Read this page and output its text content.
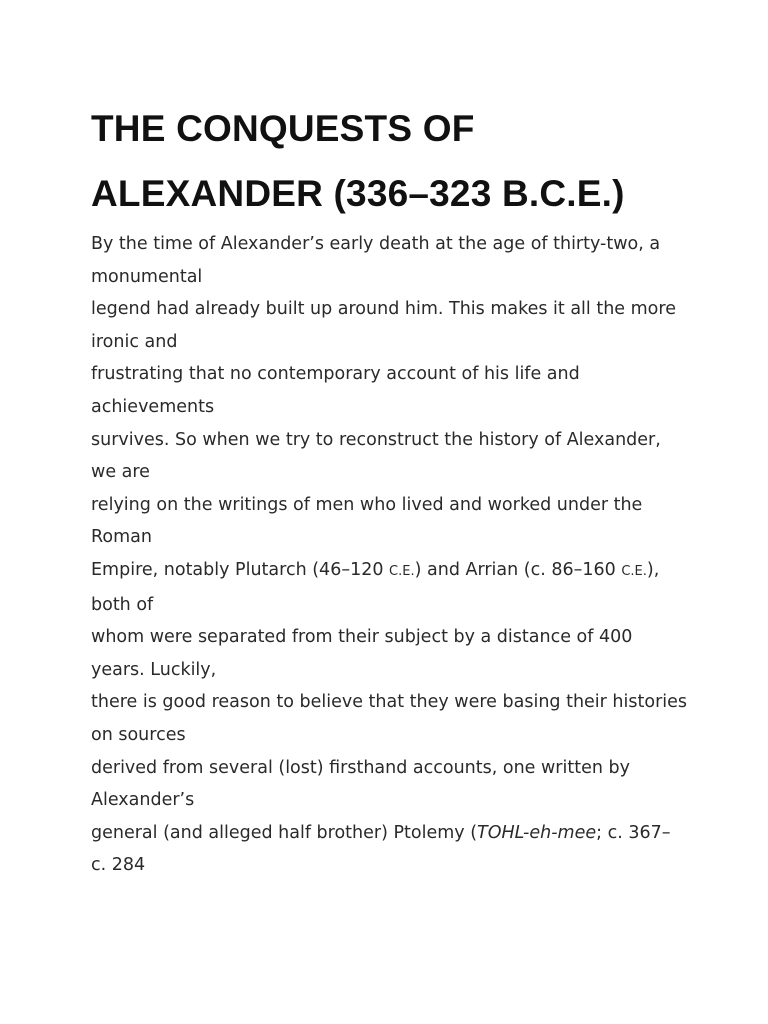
THE CONQUESTS OF
ALEXANDER (336–323 B.C.E.)
By the time of Alexander’s early death at the age of thirty-two, a
monumental
legend had already built up around him. This makes it all the more
ironic and
frustrating that no contemporary account of his life and
achievements
survives. So when we try to reconstruct the history of Alexander,
we are
relying on the writings of men who lived and worked under the
Roman
Empire, notably Plutarch (46–120 C.E.) and Arrian (c. 86–160 C.E.),
both of
whom were separated from their subject by a distance of 400
years. Luckily,
there is good reason to believe that they were basing their histories
on sources
derived from several (lost) firsthand accounts, one written by
Alexander’s
general (and alleged half brother) Ptolemy (TOHL-eh-mee; c. 367–
c. 284
